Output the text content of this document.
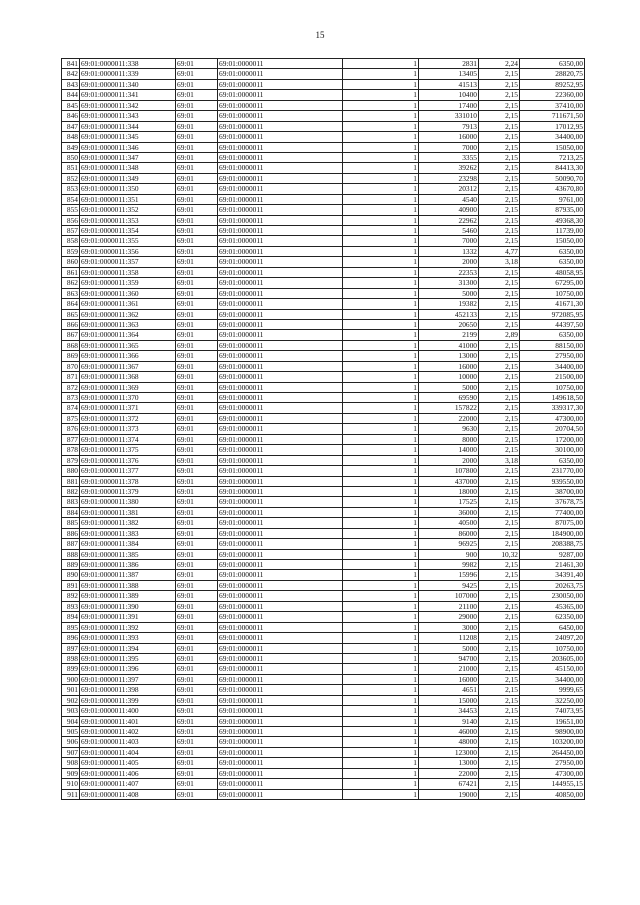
15
841	69:01:0000011:338	69:01	69:01:0000011	1	2831	2,24	6350,00
842	69:01:0000011:339	69:01	69:01:0000011	1	13405	2,15	28820,75
843	69:01:0000011:340	69:01	69:01:0000011	1	41513	2,15	89252,95
844	69:01:0000011:341	69:01	69:01:0000011	1	10400	2,15	22360,00
845	69:01:0000011:342	69:01	69:01:0000011	1	17400	2,15	37410,00
846	69:01:0000011:343	69:01	69:01:0000011	1	331010	2,15	711671,50
847	69:01:0000011:344	69:01	69:01:0000011	1	7913	2,15	17012,95
848	69:01:0000011:345	69:01	69:01:0000011	1	16000	2,15	34400,00
849	69:01:0000011:346	69:01	69:01:0000011	1	7000	2,15	15050,00
850	69:01:0000011:347	69:01	69:01:0000011	1	3355	2,15	7213,25
851	69:01:0000011:348	69:01	69:01:0000011	1	39262	2,15	84413,30
852	69:01:0000011:349	69:01	69:01:0000011	1	23298	2,15	50090,70
853	69:01:0000011:350	69:01	69:01:0000011	1	20312	2,15	43670,80
854	69:01:0000011:351	69:01	69:01:0000011	1	4540	2,15	9761,00
855	69:01:0000011:352	69:01	69:01:0000011	1	40900	2,15	87935,00
856	69:01:0000011:353	69:01	69:01:0000011	1	22962	2,15	49368,30
857	69:01:0000011:354	69:01	69:01:0000011	1	5460	2,15	11739,00
858	69:01:0000011:355	69:01	69:01:0000011	1	7000	2,15	15050,00
859	69:01:0000011:356	69:01	69:01:0000011	1	1332	4,77	6350,00
860	69:01:0000011:357	69:01	69:01:0000011	1	2000	3,18	6350,00
861	69:01:0000011:358	69:01	69:01:0000011	1	22353	2,15	48058,95
862	69:01:0000011:359	69:01	69:01:0000011	1	31300	2,15	67295,00
863	69:01:0000011:360	69:01	69:01:0000011	1	5000	2,15	10750,00
864	69:01:0000011:361	69:01	69:01:0000011	1	19382	2,15	41671,30
865	69:01:0000011:362	69:01	69:01:0000011	1	452133	2,15	972085,95
866	69:01:0000011:363	69:01	69:01:0000011	1	20650	2,15	44397,50
867	69:01:0000011:364	69:01	69:01:0000011	1	2199	2,89	6350,00
868	69:01:0000011:365	69:01	69:01:0000011	1	41000	2,15	88150,00
869	69:01:0000011:366	69:01	69:01:0000011	1	13000	2,15	27950,00
870	69:01:0000011:367	69:01	69:01:0000011	1	16000	2,15	34400,00
871	69:01:0000011:368	69:01	69:01:0000011	1	10000	2,15	21500,00
872	69:01:0000011:369	69:01	69:01:0000011	1	5000	2,15	10750,00
873	69:01:0000011:370	69:01	69:01:0000011	1	69590	2,15	149618,50
874	69:01:0000011:371	69:01	69:01:0000011	1	157822	2,15	339317,30
875	69:01:0000011:372	69:01	69:01:0000011	1	22000	2,15	47300,00
876	69:01:0000011:373	69:01	69:01:0000011	1	9630	2,15	20704,50
877	69:01:0000011:374	69:01	69:01:0000011	1	8000	2,15	17200,00
878	69:01:0000011:375	69:01	69:01:0000011	1	14000	2,15	30100,00
879	69:01:0000011:376	69:01	69:01:0000011	1	2000	3,18	6350,00
880	69:01:0000011:377	69:01	69:01:0000011	1	107800	2,15	231770,00
881	69:01:0000011:378	69:01	69:01:0000011	1	437000	2,15	939550,00
882	69:01:0000011:379	69:01	69:01:0000011	1	18000	2,15	38700,00
883	69:01:0000011:380	69:01	69:01:0000011	1	17525	2,15	37678,75
884	69:01:0000011:381	69:01	69:01:0000011	1	36000	2,15	77400,00
885	69:01:0000011:382	69:01	69:01:0000011	1	40500	2,15	87075,00
886	69:01:0000011:383	69:01	69:01:0000011	1	86000	2,15	184900,00
887	69:01:0000011:384	69:01	69:01:0000011	1	96925	2,15	208388,75
888	69:01:0000011:385	69:01	69:01:0000011	1	900	10,32	9287,00
889	69:01:0000011:386	69:01	69:01:0000011	1	9982	2,15	21461,30
890	69:01:0000011:387	69:01	69:01:0000011	1	15996	2,15	34391,40
891	69:01:0000011:388	69:01	69:01:0000011	1	9425	2,15	20263,75
892	69:01:0000011:389	69:01	69:01:0000011	1	107000	2,15	230050,00
893	69:01:0000011:390	69:01	69:01:0000011	1	21100	2,15	45365,00
894	69:01:0000011:391	69:01	69:01:0000011	1	29000	2,15	62350,00
895	69:01:0000011:392	69:01	69:01:0000011	1	3000	2,15	6450,00
896	69:01:0000011:393	69:01	69:01:0000011	1	11208	2,15	24097,20
897	69:01:0000011:394	69:01	69:01:0000011	1	5000	2,15	10750,00
898	69:01:0000011:395	69:01	69:01:0000011	1	94700	2,15	203605,00
899	69:01:0000011:396	69:01	69:01:0000011	1	21000	2,15	45150,00
900	69:01:0000011:397	69:01	69:01:0000011	1	16000	2,15	34400,00
901	69:01:0000011:398	69:01	69:01:0000011	1	4651	2,15	9999,65
902	69:01:0000011:399	69:01	69:01:0000011	1	15000	2,15	32250,00
903	69:01:0000011:400	69:01	69:01:0000011	1	34453	2,15	74073,95
904	69:01:0000011:401	69:01	69:01:0000011	1	9140	2,15	19651,00
905	69:01:0000011:402	69:01	69:01:0000011	1	46000	2,15	98900,00
906	69:01:0000011:403	69:01	69:01:0000011	1	48000	2,15	103200,00
907	69:01:0000011:404	69:01	69:01:0000011	1	123000	2,15	264450,00
908	69:01:0000011:405	69:01	69:01:0000011	1	13000	2,15	27950,00
909	69:01:0000011:406	69:01	69:01:0000011	1	22000	2,15	47300,00
910	69:01:0000011:407	69:01	69:01:0000011	1	67421	2,15	144955,15
911	69:01:0000011:408	69:01	69:01:0000011	1	19000	2,15	40850,00
